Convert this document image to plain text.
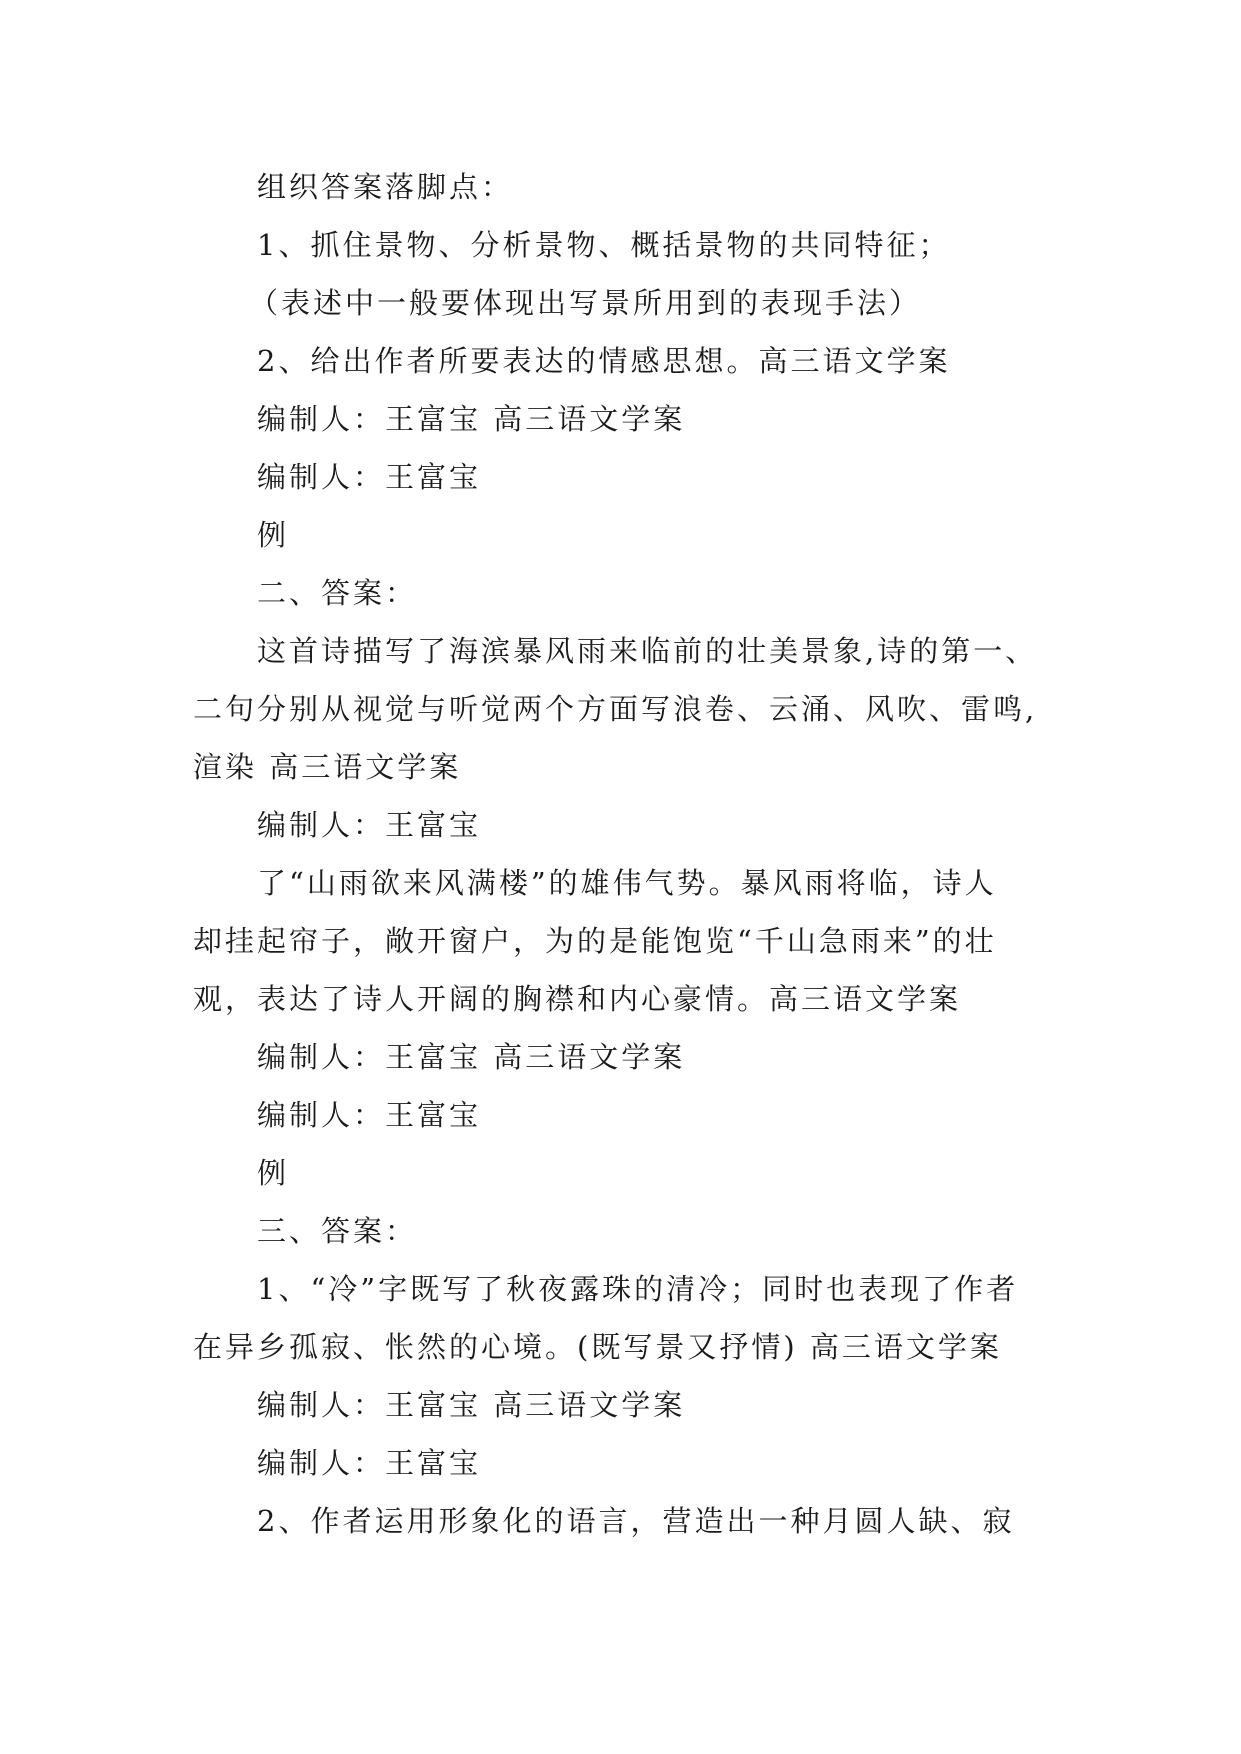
组织答案落脚点：
1、抓住景物、分析景物、概括景物的共同特征；
（表述中一般要体现出写景所用到的表现手法）
2、给出作者所要表达的情感思想。高三语文学案
编制人：王富宝 高三语文学案
编制人：王富宝
例
二、答案：
这首诗描写了海滨暴风雨来临前的壮美景象,诗的第一、
二句分别从视觉与听觉两个方面写浪卷、云涌、风吹、雷鸣,
渲染 高三语文学案
编制人：王富宝
了“山雨欲来风满楼”的雄伟气势。暴风雨将临，诗人
却挂起帘子，敞开窗户，为的是能饱览“千山急雨来”的壮
观，表达了诗人开阔的胸襟和内心豪情。高三语文学案
编制人：王富宝 高三语文学案
编制人：王富宝
例
三、答案：
1、“冷”字既写了秋夜露珠的清冷；同时也表现了作者
在异乡孤寂、怅然的心境。(既写景又抒情) 高三语文学案
编制人：王富宝 高三语文学案
编制人：王富宝
2、作者运用形象化的语言，营造出一种月圆人缺、寂
